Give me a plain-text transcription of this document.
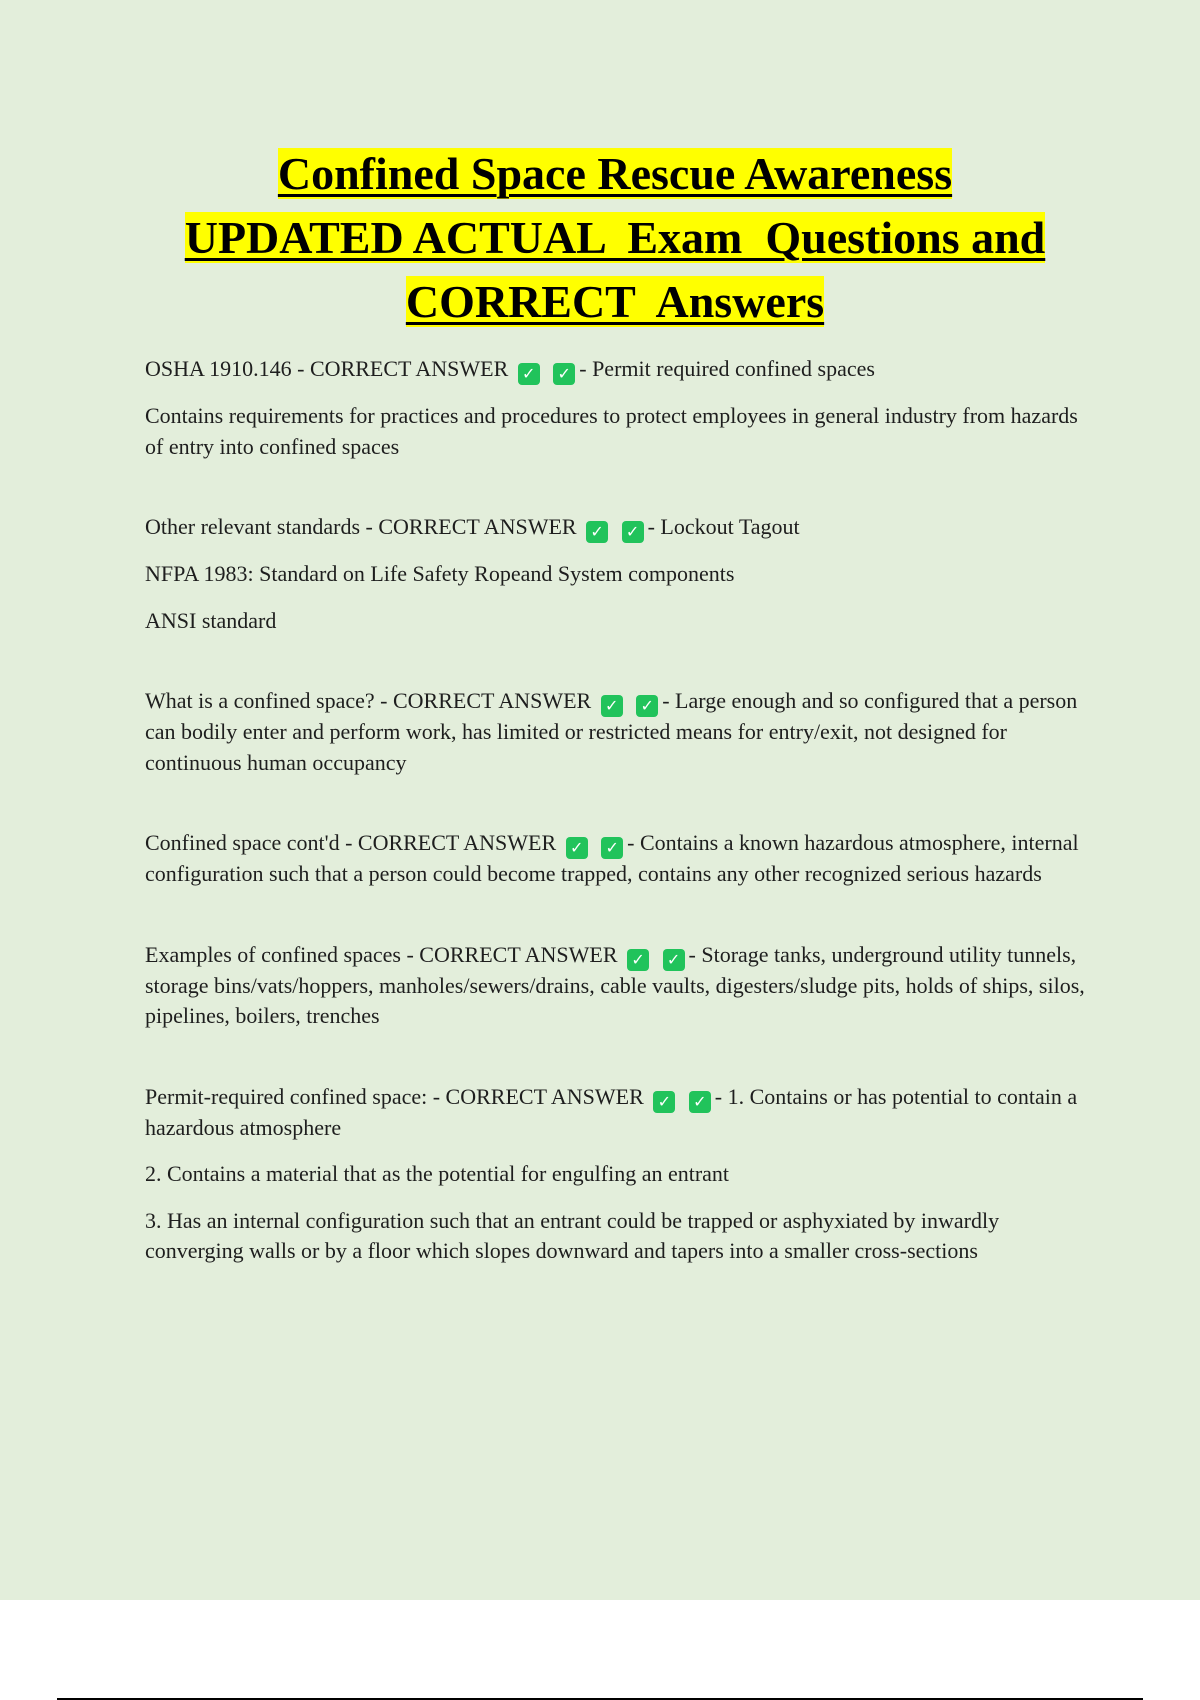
Confined Space Rescue Awareness
UPDATED ACTUAL  Exam  Questions and
CORRECT  Answers

OSHA 1910.146 - CORRECT ANSWER ✓ ✓ - Permit required confined spaces

Contains requirements for practices and procedures to protect employees in general industry from hazards of entry into confined spaces

Other relevant standards - CORRECT ANSWER ✓ ✓ - Lockout Tagout

NFPA 1983: Standard on Life Safety Ropeand System components

ANSI standard

What is a confined space? - CORRECT ANSWER ✓ ✓ - Large enough and so configured that a person can bodily enter and perform work, has limited or restricted means for entry/exit, not designed for continuous human occupancy

Confined space cont'd - CORRECT ANSWER ✓ ✓ - Contains a known hazardous atmosphere, internal configuration such that a person could become trapped, contains any other recognized serious hazards

Examples of confined spaces - CORRECT ANSWER ✓ ✓ - Storage tanks, underground utility tunnels, storage bins/vats/hoppers, manholes/sewers/drains, cable vaults, digesters/sludge pits, holds of ships, silos, pipelines, boilers, trenches

Permit-required confined space: - CORRECT ANSWER ✓ ✓ - 1. Contains or has potential to contain a hazardous atmosphere

2. Contains a material that as the potential for engulfing an entrant

3. Has an internal configuration such that an entrant could be trapped or asphyxiated by inwardly converging walls or by a floor which slopes downward and tapers into a smaller cross-sections
